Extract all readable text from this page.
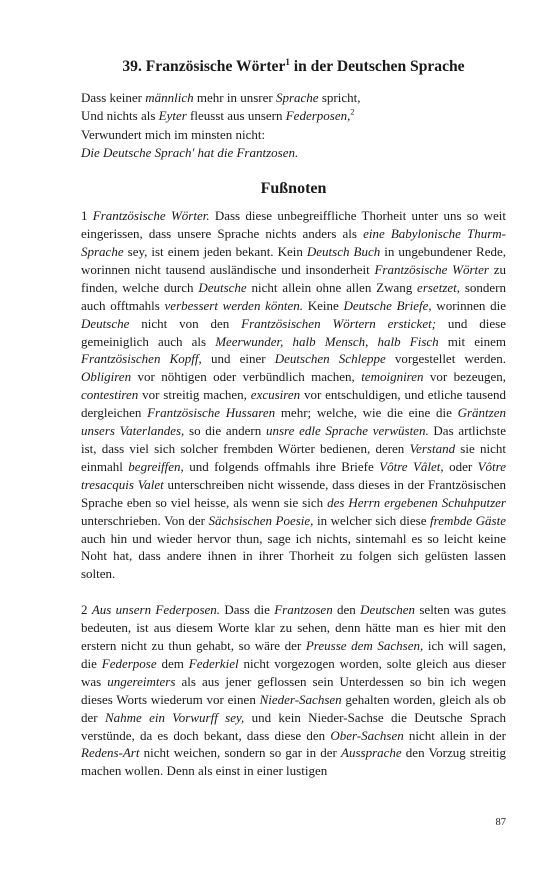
39. Französische Wörter$^1$ in der Deutschen Sprache
Dass keiner männlich mehr in unsrer Sprache spricht,
Und nichts als Eyter fleusst aus unsern Federposen,$^2$
Verwundert mich im minsten nicht:
Die Deutsche Sprach' hat die Frantzosen.
Fußnoten

1 Frantzösische Wörter. Dass diese unbegreiffliche Thorheit unter uns so weit eingerissen, dass unsere Sprache nichts anders als eine Babylonische Thurm-Sprache sey, ist einem jeden bekant. Kein Deutsch Buch in ungebundener Rede, worinnen nicht tausend ausländische und insonderheit Frantzösische Wörter zu finden, welche durch Deutsche nicht allein ohne allen Zwang ersetzet, sondern auch offtmahls verbessert werden könten. Keine Deutsche Briefe, worinnen die Deutsche nicht von den Frantzösischen Wörtern ersticket; und diese gemeiniglich auch als Meerwunder, halb Mensch, halb Fisch mit einem Frantzösischen Kopff, und einer Deutschen Schleppe vorgestellet werden. Obligiren vor nöhtigen oder verbündlich machen, temoigniren vor bezeugen, contestiren vor streitig machen, excusiren vor entschuldigen, und etliche tausend dergleichen Frantzösische Hussaren mehr; welche, wie die eine die Gräntzen unsers Vaterlandes, so die andern unsre edle Sprache verwüsten. Das artlichste ist, dass viel sich solcher frembden Wörter bedienen, deren Verstand sie nicht einmahl begreiffen, und folgends offmahls ihre Briefe Vôtre Vâlet, oder Vôtre tresacquis Valet unterschreiben nicht wissende, dass dieses in der Frantzösischen Sprache eben so viel heisse, als wenn sie sich des Herrn ergebenen Schuhputzer unterschrieben. Von der Sächsischen Poesie, in welcher sich diese frembde Gäste auch hin und wieder hervor thun, sage ich nichts, sintemahl es so leicht keine Noht hat, dass andere ihnen in ihrer Thorheit zu folgen sich gelüsten lassen solten.

2 Aus unsern Federposen. Dass die Frantzosen den Deutschen selten was gutes bedeuten, ist aus diesem Worte klar zu sehen, denn hätte man es hier mit den erstern nicht zu thun gehabt, so wäre der Preusse dem Sachsen, ich will sagen, die Federpose dem Federkiel nicht vorgezogen worden, solte gleich aus dieser was ungereimters als aus jener geflossen sein Unterdessen so bin ich wegen dieses Worts wiederum vor einen Nieder-Sachsen gehalten worden, gleich als ob der Nahme ein Vorwurff sey, und kein Nieder-Sachse die Deutsche Sprach verstünde, da es doch bekant, dass diese den Ober-Sachsen nicht allein in der Redens-Art nicht weichen, sondern so gar in der Aussprache den Vorzug streitig machen wollen. Denn als einst in einer lustigen

87
